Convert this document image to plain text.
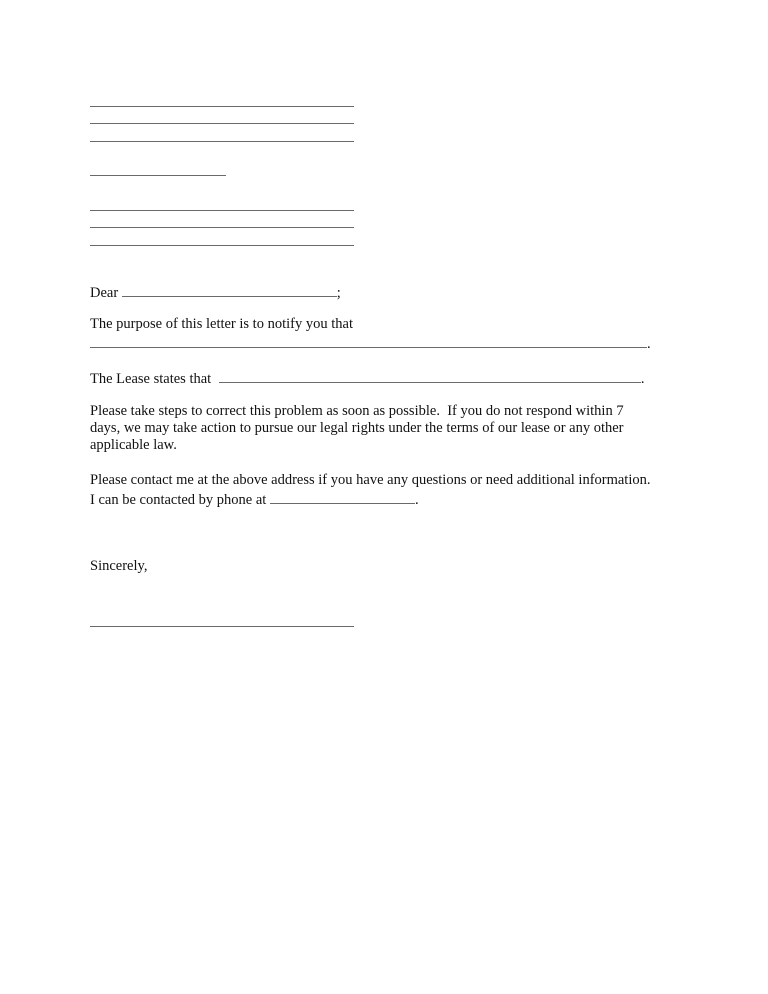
Dear	;
The purpose of this letter is to notify you that
.
The Lease states that	.
Please take steps to correct this problem as soon as possible.  If you do not respond within 7
days, we may take action to pursue our legal rights under the terms of our lease or any other
applicable law.
Please contact me at the above address if you have any questions or need additional information.
I can be contacted by phone at	.
Sincerely,
